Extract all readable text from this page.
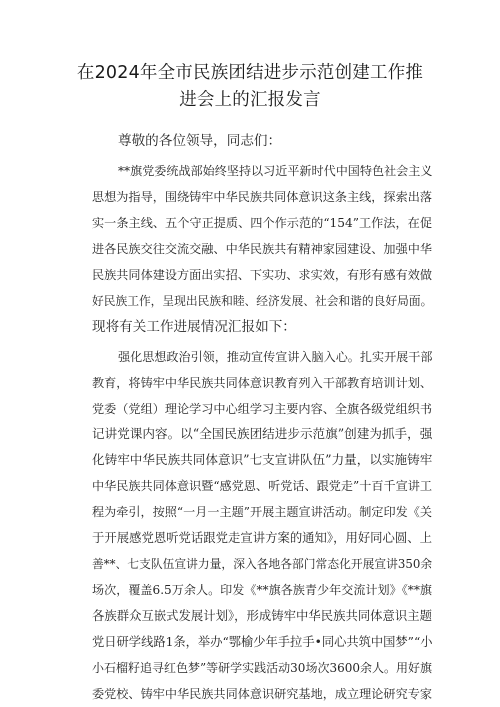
在2024年全市民族团结进步示范创建工作推
进会上的汇报发言
尊敬的各位领导，同志们：
**旗党委统战部始终坚持以习近平新时代中国特色社会主义
思想为指导，围绕铸牢中华民族共同体意识这条主线，探索出落
实一条主线、五个守正提质、四个作示范的“154”工作法，在促
进各民族交往交流交融、中华民族共有精神家园建设、加强中华
民族共同体建设方面出实招、下实功、求实效，有形有感有效做
好民族工作，呈现出民族和睦、经济发展、社会和谐的良好局面。
现将有关工作进展情况汇报如下：
强化思想政治引领，推动宣传宣讲入脑入心。扎实开展干部
教育，将铸牢中华民族共同体意识教育列入干部教育培训计划、
党委（党组）理论学习中心组学习主要内容、全旗各级党组织书
记讲党课内容。以“全国民族团结进步示范旗”创建为抓手，强
化铸牢中华民族共同体意识”七支宣讲队伍”力量，以实施铸牢
中华民族共同体意识暨“感党恩、听党话、跟党走”十百千宣讲工
程为牵引，按照“一月一主题”开展主题宣讲活动。制定印发《关
于开展感党恩听党话跟党走宣讲方案的通知》，用好同心圆、上
善**、七支队伍宣讲力量，深入各地各部门常态化开展宣讲350余
场次，覆盖6.5万余人。印发《**旗各族青少年交流计划》《**旗
各族群众互嵌式发展计划》，形成铸牢中华民族共同体意识主题
党日研学线路1条，举办“鄂榆少年手拉手•同心共筑中国梦”“小
小石榴籽追寻红色梦”等研学实践活动30场次3600余人。用好旗
委党校、铸牢中华民族共同体意识研究基地，成立理论研究专家
